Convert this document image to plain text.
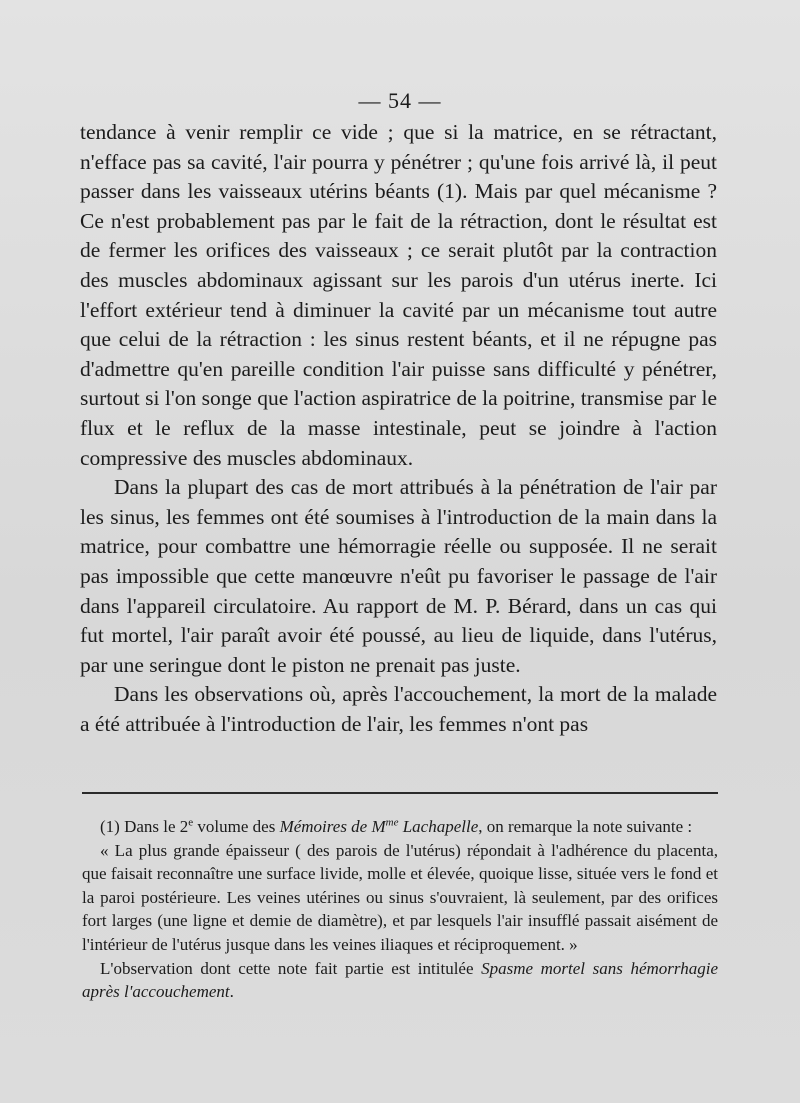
— 54 —

tendance à venir remplir ce vide ; que si la matrice, en se rétractant, n'efface pas sa cavité, l'air pourra y pénétrer ; qu'une fois arrivé là, il peut passer dans les vaisseaux utérins béants (1). Mais par quel mécanisme ? Ce n'est probablement pas par le fait de la rétraction, dont le résultat est de fermer les orifices des vaisseaux ; ce serait plutôt par la contraction des muscles abdominaux agissant sur les parois d'un utérus inerte. Ici l'effort extérieur tend à diminuer la cavité par un mécanisme tout autre que celui de la rétraction : les sinus restent béants, et il ne répugne pas d'admettre qu'en pareille condition l'air puisse sans difficulté y pénétrer, surtout si l'on songe que l'action aspiratrice de la poitrine, transmise par le flux et le reflux de la masse intestinale, peut se joindre à l'action compressive des muscles abdominaux.

Dans la plupart des cas de mort attribués à la pénétration de l'air par les sinus, les femmes ont été soumises à l'introduction de la main dans la matrice, pour combattre une hémorragie réelle ou supposée. Il ne serait pas impossible que cette manœuvre n'eût pu favoriser le passage de l'air dans l'appareil circulatoire. Au rapport de M. P. Bérard, dans un cas qui fut mortel, l'air paraît avoir été poussé, au lieu de liquide, dans l'utérus, par une seringue dont le piston ne prenait pas juste.

Dans les observations où, après l'accouchement, la mort de la malade a été attribuée à l'introduction de l'air, les femmes n'ont pas

(1) Dans le 2e volume des Mémoires de $M^{me}$ Lachapelle, on remarque la note suivante :

« La plus grande épaisseur ( des parois de l'utérus) répondait à l'adhérence du placenta, que faisait reconnaître une surface livide, molle et élevée, quoique lisse, située vers le fond et la paroi postérieure. Les veines utérines ou sinus s'ouvraient, là seulement, par des orifices fort larges (une ligne et demie de diamètre), et par lesquels l'air insufflé passait aisément de l'intérieur de l'utérus jusque dans les veines iliaques et réciproquement. »

L'observation dont cette note fait partie est intitulée Spasme mortel sans hémorrhagie après l'accouchement.
